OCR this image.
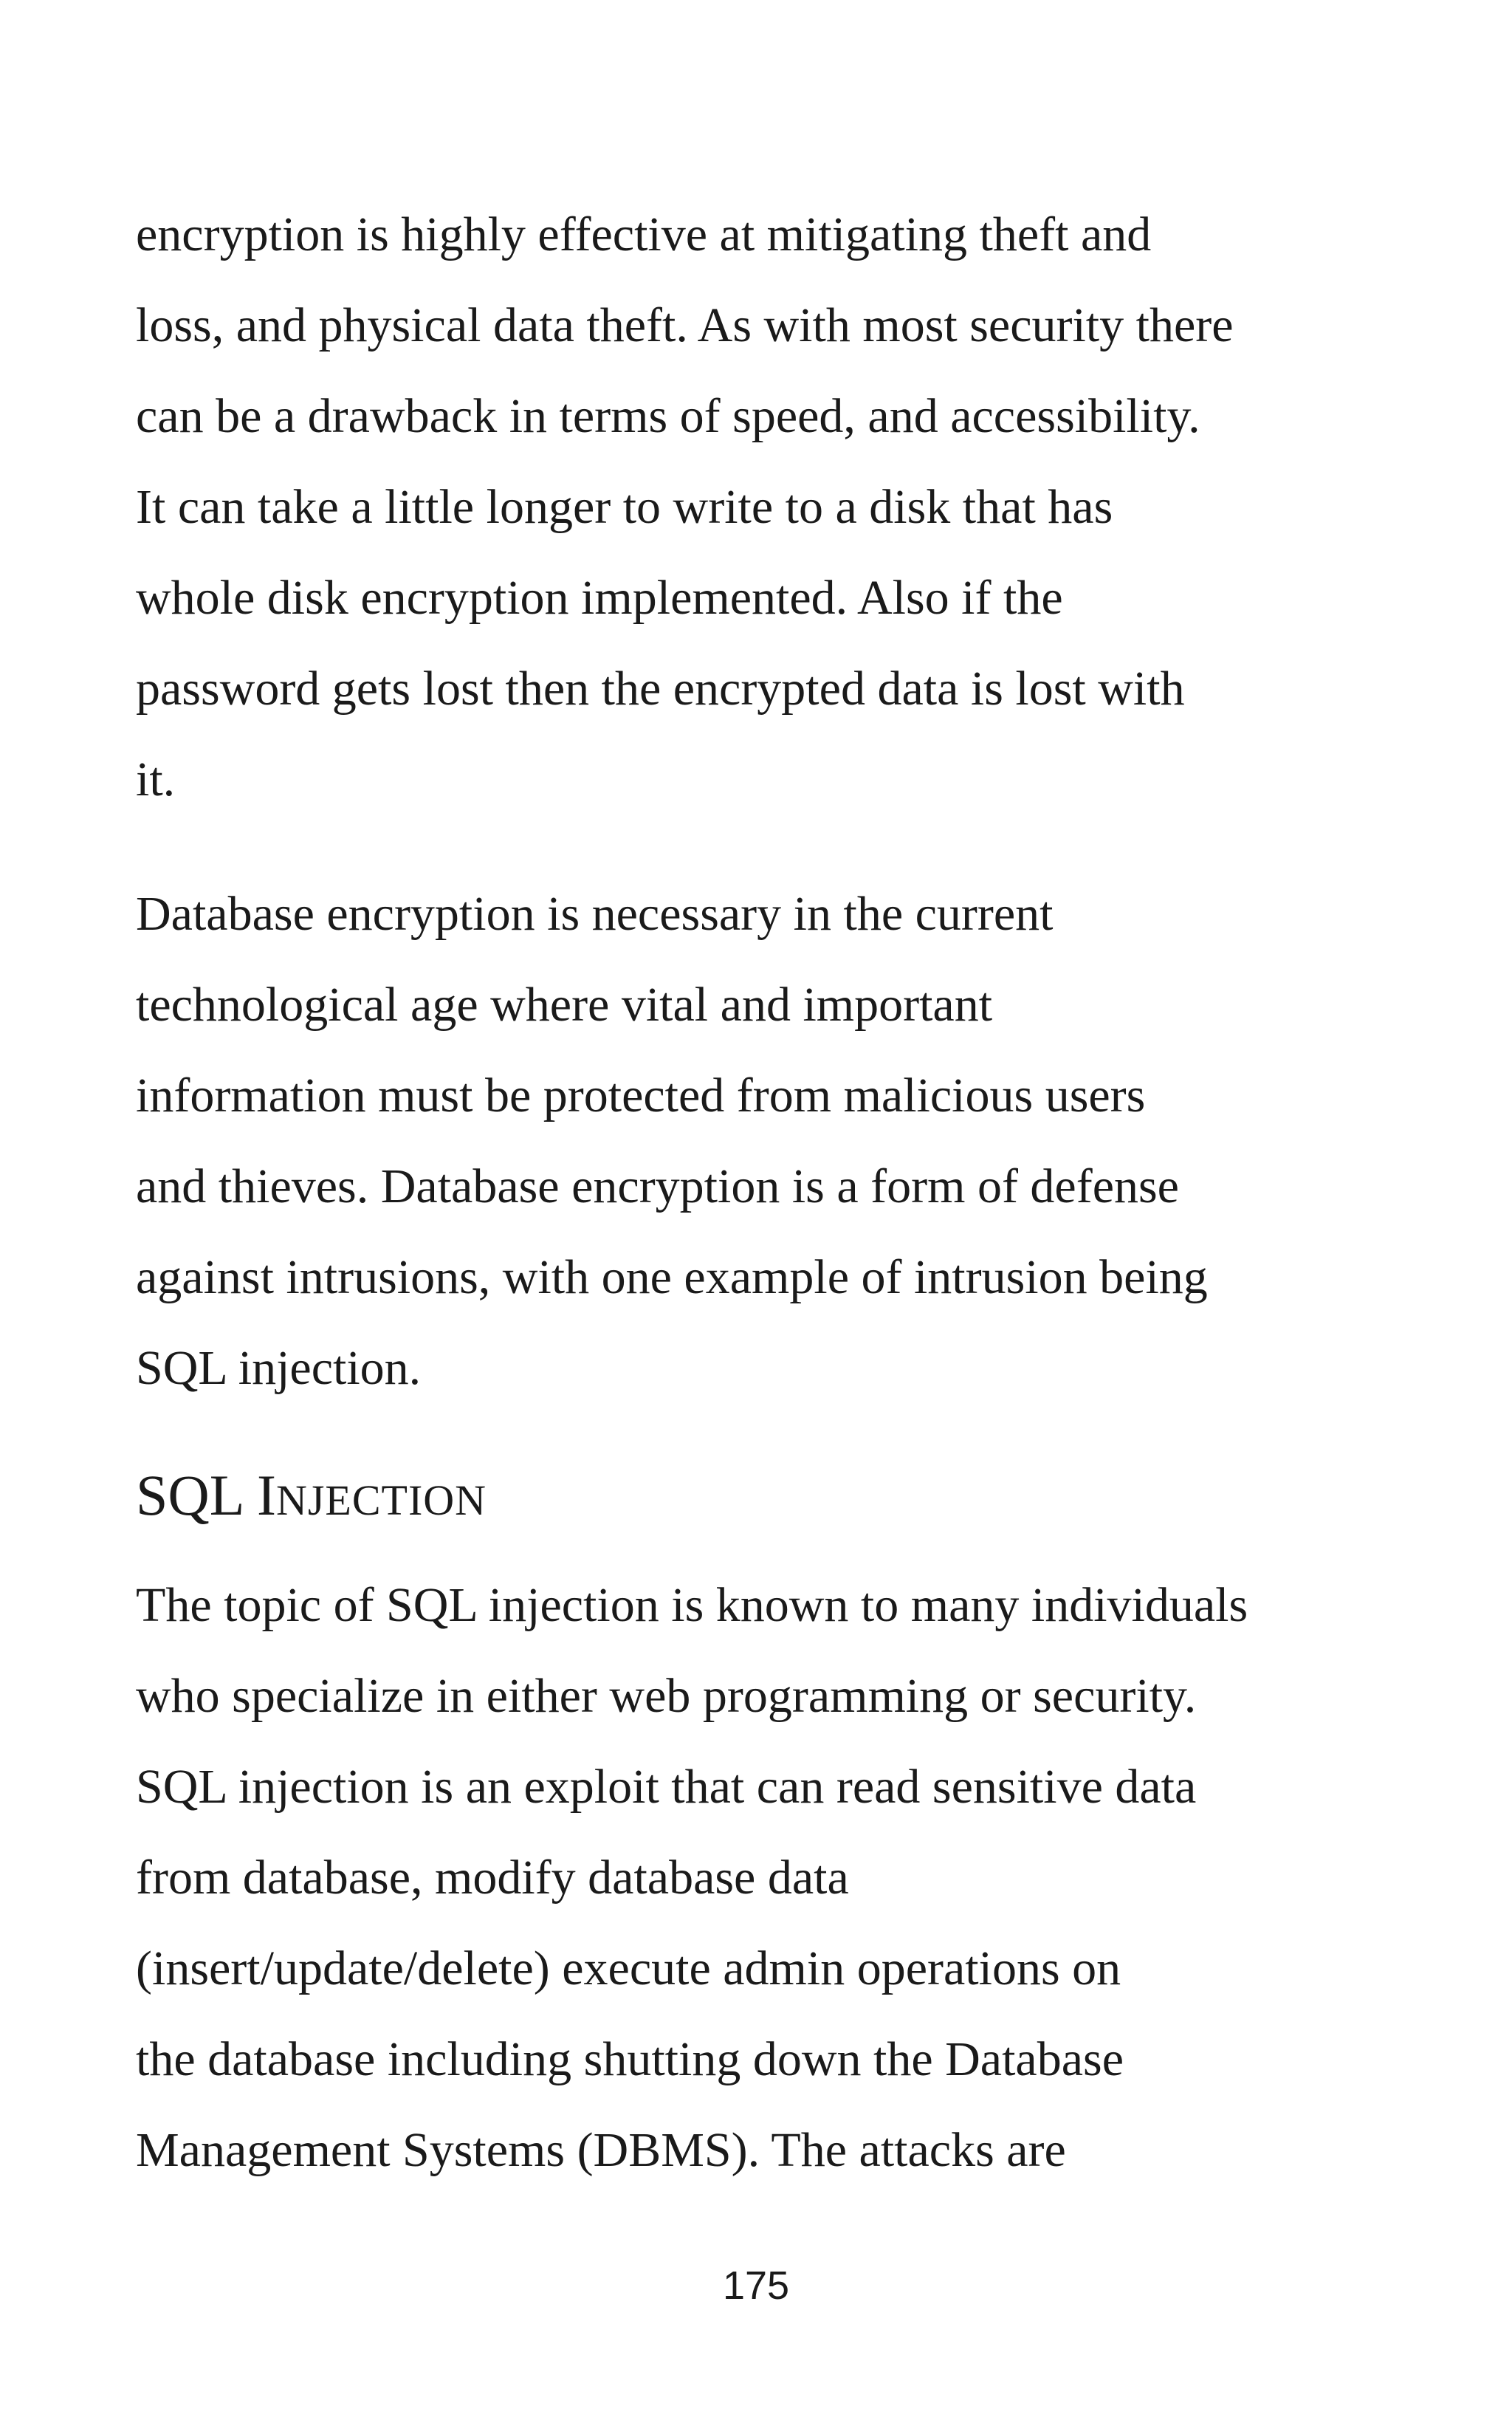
encryption is highly effective at mitigating theft and
loss, and physical data theft. As with most security there
can be a drawback in terms of speed, and accessibility.
It can take a little longer to write to a disk that has
whole disk encryption implemented. Also if the
password gets lost then the encrypted data is lost with
it.
Database encryption is necessary in the current
technological age where vital and important
information must be protected from malicious users
and thieves. Database encryption is a form of defense
against intrusions, with one example of intrusion being
SQL injection.
SQL INJECTION
The topic of SQL injection is known to many individuals
who specialize in either web programming or security.
SQL injection is an exploit that can read sensitive data
from database, modify database data
(insert/update/delete) execute admin operations on
the database including shutting down the Database
Management Systems (DBMS). The attacks are
175
